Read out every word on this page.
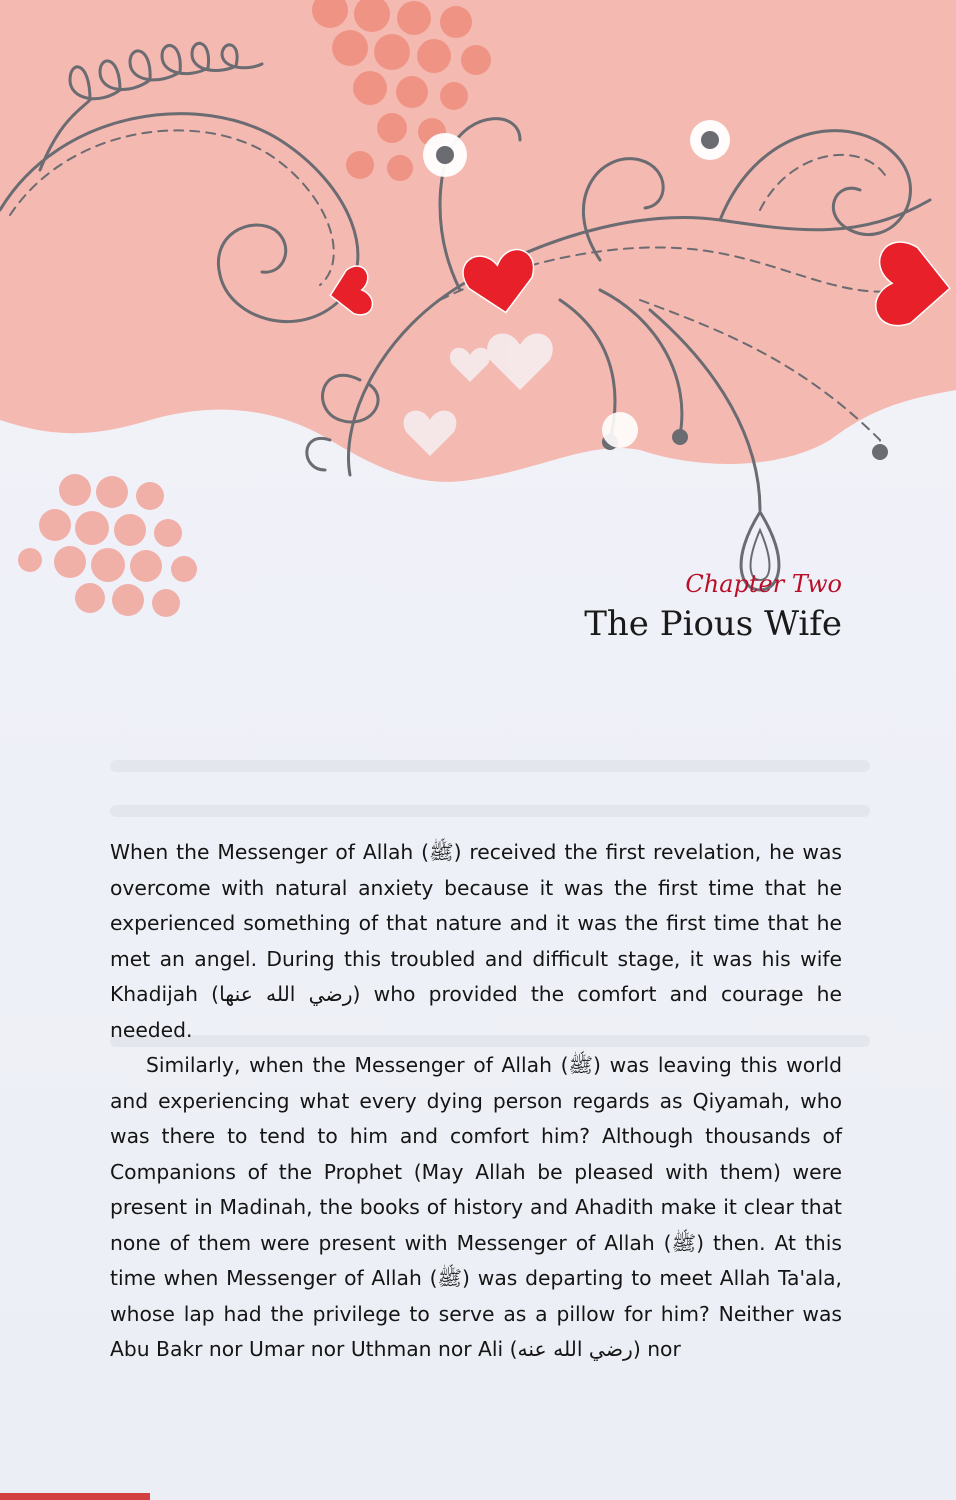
Chapter Two
The Pious Wife

When the Messenger of Allah (ﷺ) received the first revelation, he was overcome with natural anxiety because it was the first time that he experienced something of that nature and it was the first time that he met an angel. During this troubled and difficult stage, it was his wife Khadijah (رضي الله عنها) who provided the comfort and courage he needed.

Similarly, when the Messenger of Allah (ﷺ) was leaving this world and experiencing what every dying person regards as Qiyamah, who was there to tend to him and comfort him? Although thousands of Companions of the Prophet (May Allah be pleased with them) were present in Madinah, the books of history and Ahadith make it clear that none of them were present with Messenger of Allah (ﷺ) then. At this time when Messenger of Allah (ﷺ) was departing to meet Allah Ta'ala, whose lap had the privilege to serve as a pillow for him? Neither was Abu Bakr nor Umar nor Uthman nor Ali (رضي الله عنه) nor
